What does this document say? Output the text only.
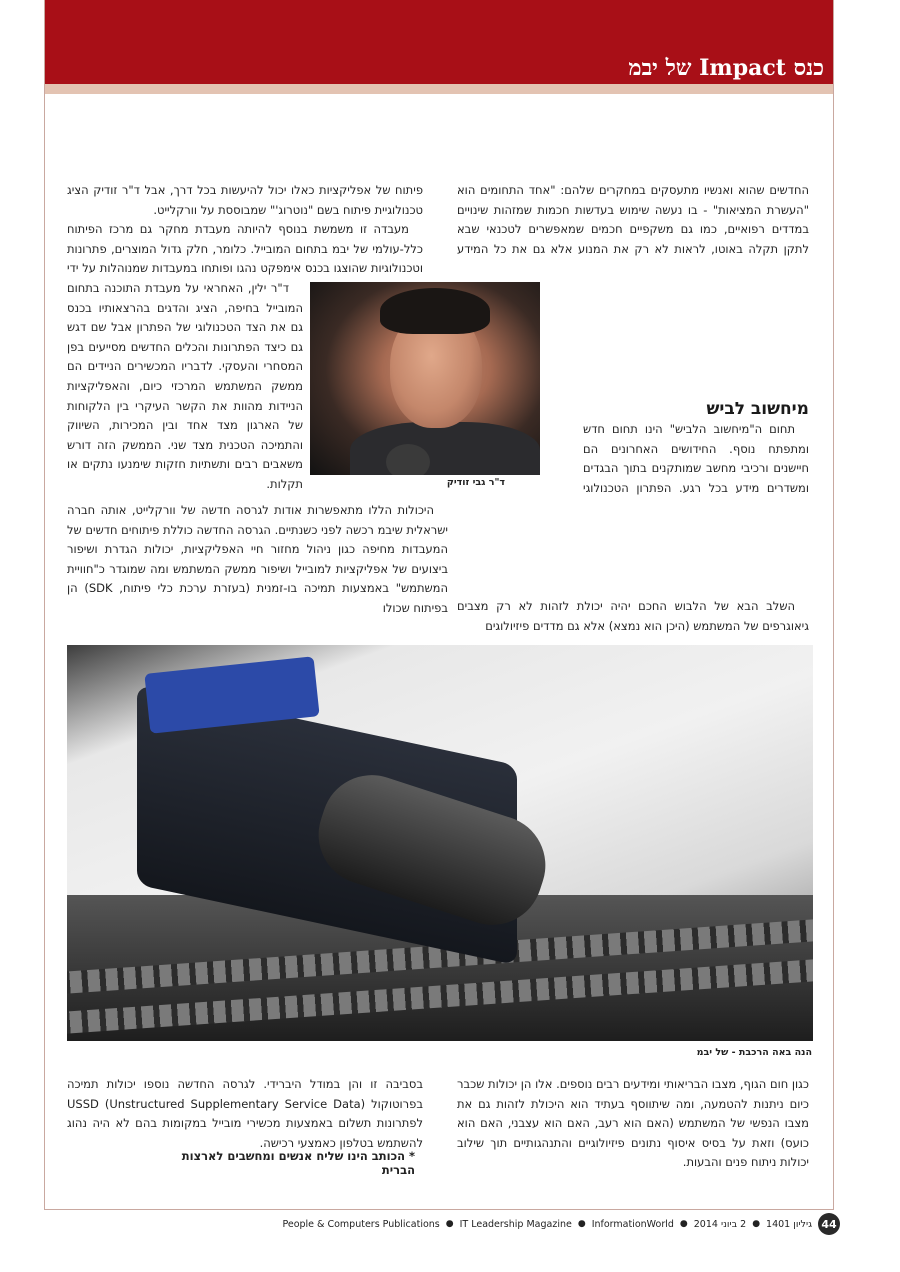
כנס Impact של יבמ

החדשים שהוא ואנשיו מתעסקים במחקרים שלהם: "אחד התחומים הוא "העשרת המציאות" - בו נעשה שימוש בעדשות חכמות שמזהות שינויים במדדים רפואיים, כמו גם משקפיים חכמים שמאפשרים לטכנאי שבא לתקן תקלה באוטו, לראות לא רק את המנוע אלא גם את כל המידע

מיחשוב לביש

תחום ה"מיחשוב הלביש" הינו תחום חדש ומתפתח נוסף. החידושים האחרונים הם חיישנים ורכיבי מחשב שמותקנים בתוך הבגדים ומשדרים מידע בכל רגע. הפתרון הטכנולוגי

השלב הבא של הלבוש החכם יהיה יכולת לזהות לא רק מצבים גיאוגרפים של המשתמש (היכן הוא נמצא) אלא גם מדדים פיזיולוגים

פיתוח של אפליקציות כאלו יכול להיעשות בכל דרך, אבל ד"ר זודיק הציג טכנולוגיית פיתוח בשם "נוטרוג'" שמבוססת על וורקלייט.

מעבדה זו משמשת בנוסף להיותה מעבדת מחקר גם מרכז הפיתוח כלל-עולמי של יבמ בתחום המובייל. כלומר, חלק גדול המוצרים, פתרונות וטכנולוגיות שהוצגו בכנס אימפקט נהגו ופותחו במעבדות שמנוהלות על ידי

ד"ר ילין, האחראי על מעבדת התוכנה בתחום המובייל בחיפה, הציג והדגים בהרצאותיו בכנס גם את הצד הטכנולוגי של הפתרון אבל שם דגש גם כיצד הפתרונות והכלים החדשים מסייעים בפן המסחרי והעסקי. לדבריו המכשירים הניידים הם ממשק המשתמש המרכזי כיום, והאפליקציות הניידות מהוות את הקשר העיקרי בין הלקוחות של הארגון מצד אחד ובין המכירות, השיווק והתמיכה הטכנית מצד שני. הממשק הזה דורש משאבים רבים ותשתיות חזקות שימנעו נתקים או תקלות.

היכולות הללו מתאפשרות אודות לגרסה חדשה של וורקלייט, אותה חברה ישראלית שיבמ רכשה לפני כשנתיים. הגרסה החדשה כוללת פיתוחים חדשים של המעבדות מחיפה כגון ניהול מחזור חיי האפליקציות, יכולות הגדרת ושיפור ביצועים של אפליקציות למובייל ושיפור ממשק המשתמש ומה שמוגדר כ"חוויית המשתמש" באמצעות תמיכה בו-זמנית (בעזרת ערכת כלי פיתוח, SDK) הן בפיתוח שכולו

ד"ר גבי זודיק
הנה באה הרכבת - של יבמ

כגון חום הגוף, מצבו הבריאותי ומידעים רבים נוספים. אלו הן יכולות שכבר כיום ניתנות להטמעה, ומה שיתווסף בעתיד הוא היכולת לזהות גם את מצבו הנפשי של המשתמש (האם הוא רעב, האם הוא עצבני, האם הוא כועס) וזאת על בסיס איסוף נתונים פיזיולוגיים והתנהגותיים תוך שילוב יכולות ניתוח פנים והבעות.

בסביבה זו והן במודל היברידי. לגרסה החדשה נוספו יכולות תמיכה בפרוטוקול USSD (Unstructured Supplementary Service Data) לפתרונות תשלום באמצעות מכשירי מובייל במקומות בהם לא היה נהוג להשתמש בטלפון כאמצעי רכישה.

* הכותב הינו שליח אנשים ומחשבים לארצות הברית
People & Computers Publications ● IT Leadership Magazine ● InformationWorld ● 2 ביוני 2014 ● גיליון 1401 44
